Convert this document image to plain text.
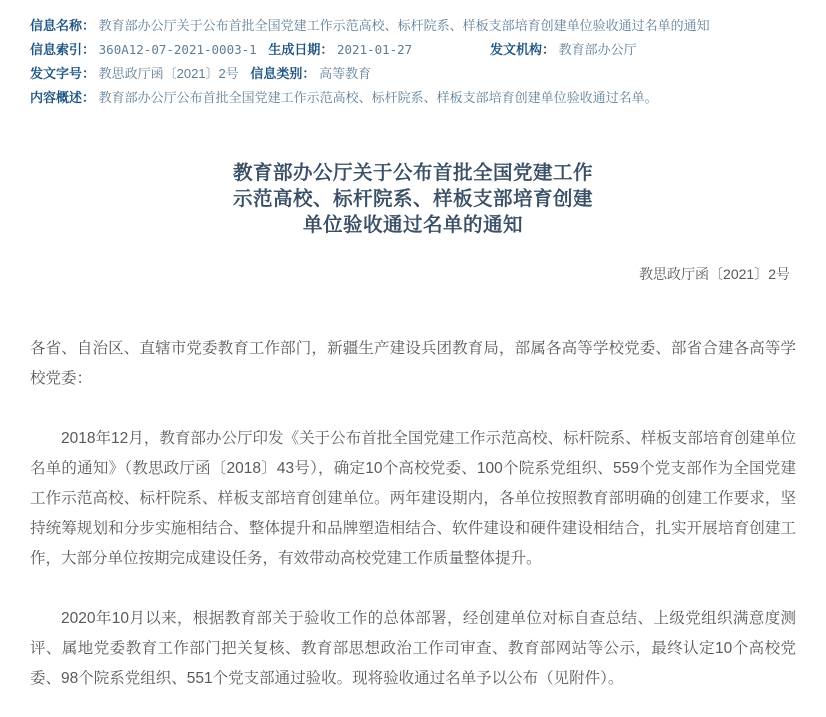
信息名称： 教育部办公厅关于公布首批全国党建工作示范高校、标杆院系、样板支部培育创建单位验收通过名单的通知
信息索引： 360A12-07-2021-0003-1 生成日期： 2021-01-27	发文机构： 教育部办公厅
发文字号： 教思政厅函〔2021〕2号 信息类别： 高等教育
内容概述： 教育部办公厅公布首批全国党建工作示范高校、标杆院系、样板支部培育创建单位验收通过名单。
教育部办公厅关于公布首批全国党建工作
示范高校、标杆院系、样板支部培育创建
单位验收通过名单的通知
教思政厅函〔2021〕2号
各省、自治区、直辖市党委教育工作部门，新疆生产建设兵团教育局，部属各高等学校党委、部省合建各高等学校党委：
2018年12月，教育部办公厅印发《关于公布首批全国党建工作示范高校、标杆院系、样板支部培育创建单位名单的通知》（教思政厅函〔2018〕43号），确定10个高校党委、100个院系党组织、559个党支部作为全国党建工作示范高校、标杆院系、样板支部培育创建单位。两年建设期内，各单位按照教育部明确的创建工作要求，坚持统筹规划和分步实施相结合、整体提升和品牌塑造相结合、软件建设和硬件建设相结合，扎实开展培育创建工作，大部分单位按期完成建设任务，有效带动高校党建工作质量整体提升。
2020年10月以来，根据教育部关于验收工作的总体部署，经创建单位对标自查总结、上级党组织满意度测评、属地党委教育工作部门把关复核、教育部思想政治工作司审查、教育部网站等公示，最终认定10个高校党委、98个院系党组织、551个党支部通过验收。现将验收通过名单予以公布（见附件）。
